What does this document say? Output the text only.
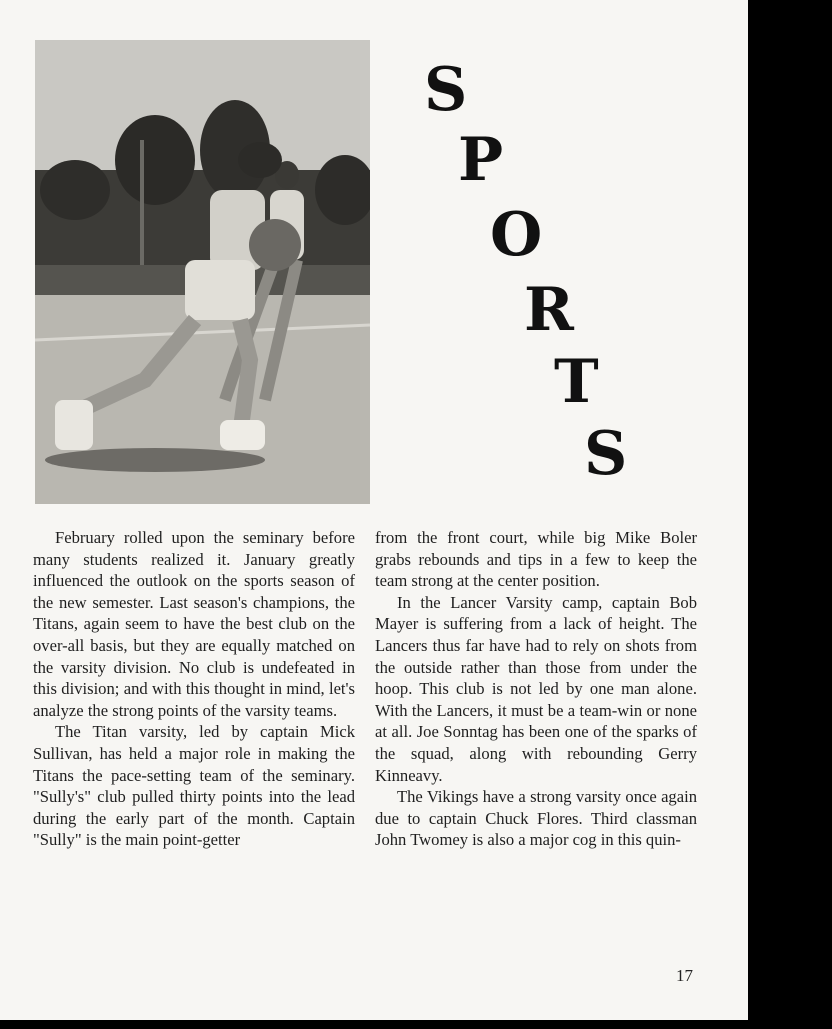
S
P
O
R
T
S

February rolled upon the seminary before many students realized it. January greatly influenced the outlook on the sports season of the new semester. Last season's champions, the Titans, again seem to have the best club on the over-all basis, but they are equally matched on the varsity division. No club is undefeated in this division; and with this thought in mind, let's analyze the strong points of the varsity teams.

The Titan varsity, led by captain Mick Sullivan, has held a major role in making the Titans the pace-setting team of the seminary. "Sully's" club pulled thirty points into the lead during the early part of the month. Captain "Sully" is the main point-getter

from the front court, while big Mike Boler grabs rebounds and tips in a few to keep the team strong at the center position.

In the Lancer Varsity camp, captain Bob Mayer is suffering from a lack of height. The Lancers thus far have had to rely on shots from the outside rather than those from under the hoop. This club is not led by one man alone. With the Lancers, it must be a team-win or none at all. Joe Sonntag has been one of the sparks of the squad, along with rebounding Gerry Kinneavy.

The Vikings have a strong varsity once again due to captain Chuck Flores. Third classman John Twomey is also a major cog in this quin-

17
